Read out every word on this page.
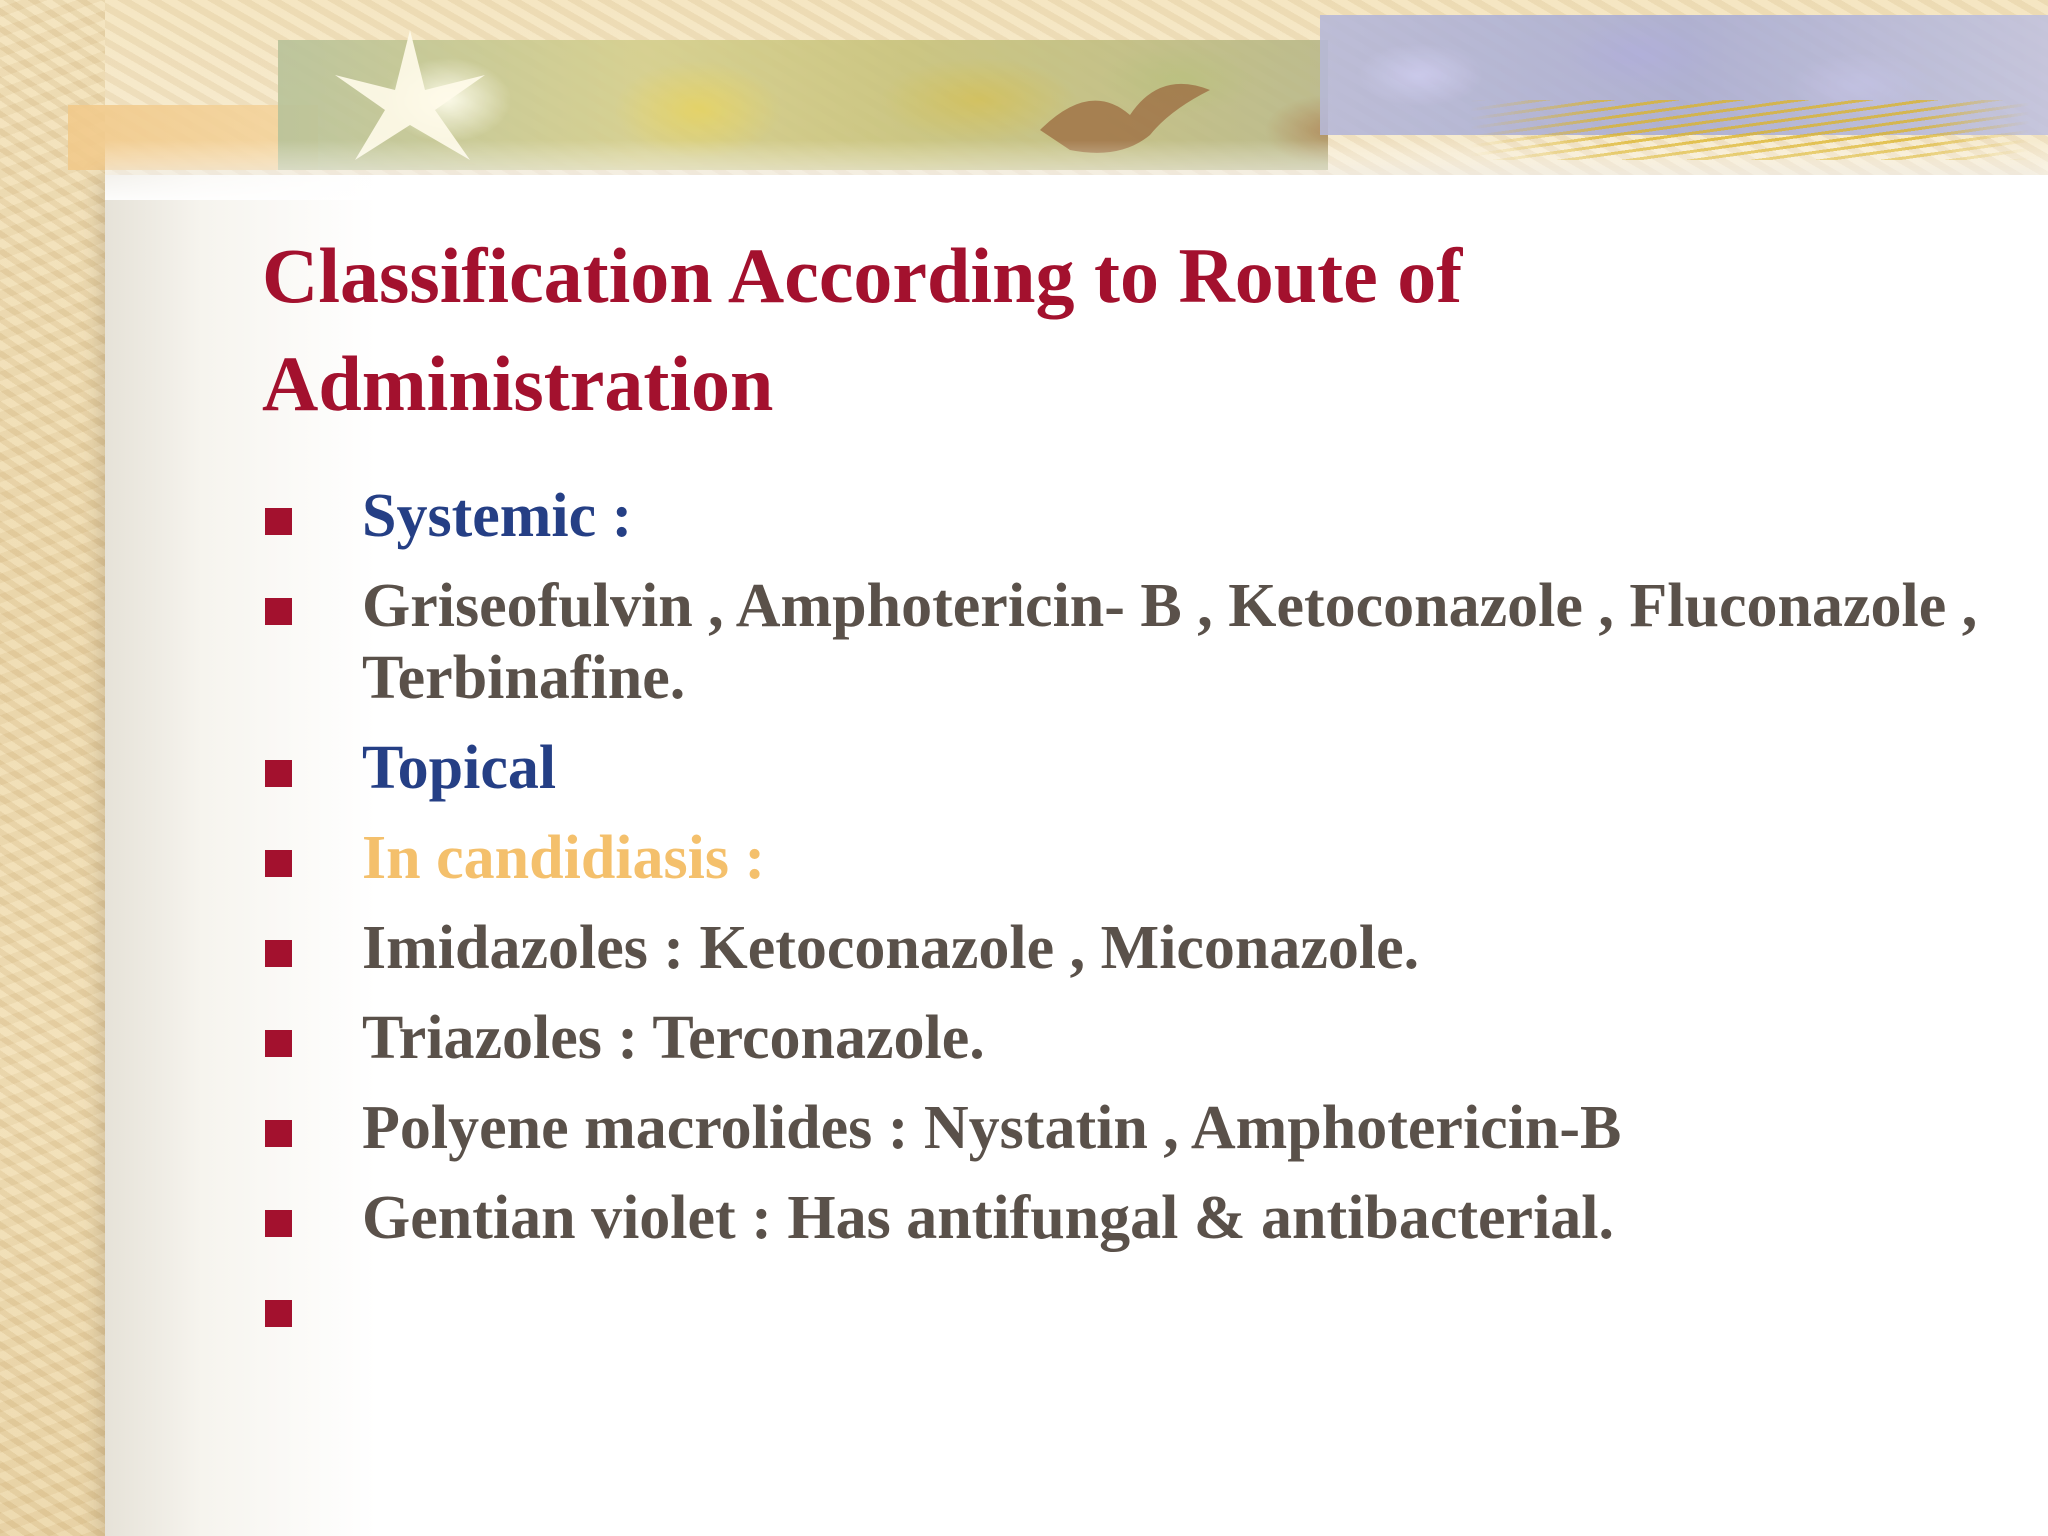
Classification According to Route of Administration
Systemic :
Griseofulvin , Amphotericin- B , Ketoconazole , Fluconazole , Terbinafine.
Topical
In candidiasis :
Imidazoles : Ketoconazole , Miconazole.
Triazoles : Terconazole.
Polyene macrolides : Nystatin , Amphotericin-B
Gentian violet : Has antifungal & antibacterial.
